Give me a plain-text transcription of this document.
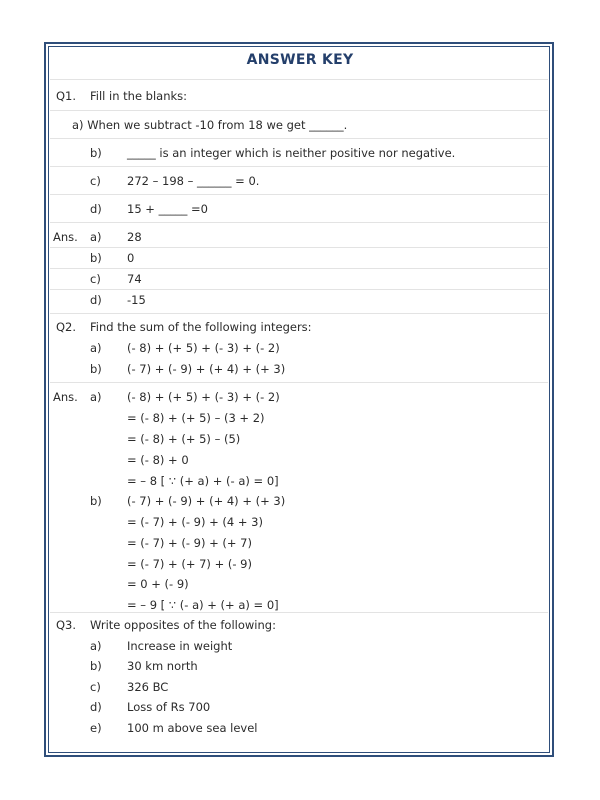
ANSWER KEY
Q1. Fill in the blanks:
a) When we subtract -10 from 18 we get ______.
b) _____ is an integer which is neither positive nor negative.
c) 272 – 198 – ______ = 0.
d) 15 + _____ =0
Ans. a) 28
b) 0
c) 74
d) -15
Q2. Find the sum of the following integers:
a) (- 8) + (+ 5) + (- 3) + (- 2)
b) (- 7) + (- 9) + (+ 4) + (+ 3)
Ans. a) (- 8) + (+ 5) + (- 3) + (- 2)
= (- 8) + (+ 5) – (3 + 2)
= (- 8) + (+ 5) – (5)
= (- 8) + 0
= – 8 [ ∵ (+ a) + (- a) = 0]
b) (- 7) + (- 9) + (+ 4) + (+ 3)
= (- 7) + (- 9) + (4 + 3)
= (- 7) + (- 9) + (+ 7)
= (- 7) + (+ 7) + (- 9)
= 0 + (- 9)
= – 9 [ ∵ (- a) + (+ a) = 0]
Q3. Write opposites of the following:
a) Increase in weight
b) 30 km north
c) 326 BC
d) Loss of Rs 700
e) 100 m above sea level
